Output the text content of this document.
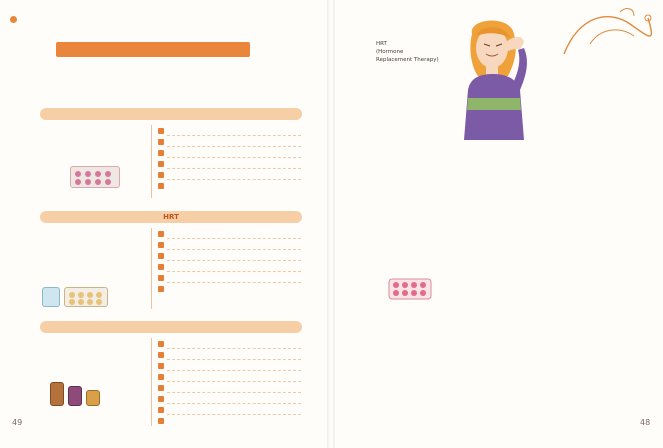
HRT
49
HRT
(Hormone
Replacement Therapy)
48
